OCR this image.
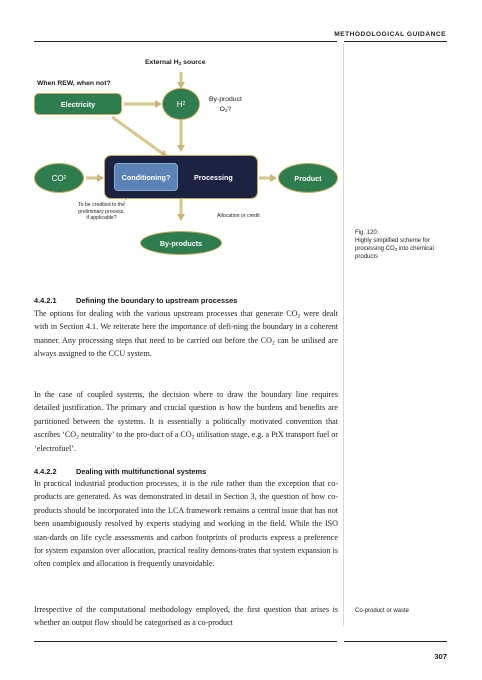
METHODOLOGICAL GUIDANCE
External $H_2$ source
When REW, when not?
Electricity	H 2
By-product
$O_2$?
CO 2	Processing
Conditioning?	Product
To be credited to the
preliminary process,
if applicable?	Allocation or credit
By-products
Fig. 120:
Highly simplified scheme for
processing $CO_2$ into chemical
products
4.4.2.1	Defining the boundary to upstream processes
The options for dealing with the various upstream processes that generate $CO_2$ were dealt with in Section 4.1. We reiterate here the importance of defi-ning the boundary in a coherent manner. Any processing steps that need to be carried out before the $CO_2$ can be utilised are always assigned to the CCU system.
In the case of coupled systems, the decision where to draw the boundary line requires detailed justification. The primary and crucial question is how the burdens and benefits are partitioned between the systems. It is essentially a politically motivated convention that ascribes ‘$CO_2$ neutrality’ to the pro-duct of a $CO_2$ utilisation stage, e.g. a PtX transport fuel or ‘electrofuel’.
4.4.2.2	Dealing with multifunctional systems
In practical industrial production processes, it is the rule rather than the exception that co-products are generated. As was demonstrated in detail in Section 3, the question of how co-products should be incorporated into the LCA framework remains a central issue that has not been unambiguously resolved by experts studying and working in the field. While the ISO stan-dards on life cycle assessments and carbon footprints of products express a preference for system expansion over allocation, practical reality demons-trates that system expansion is often complex and allocation is frequently unavoidable.
Irrespective of the computational methodology employed, the first question that arises is whether an output flow should be categorised as a co-product
Co-product or waste
307
